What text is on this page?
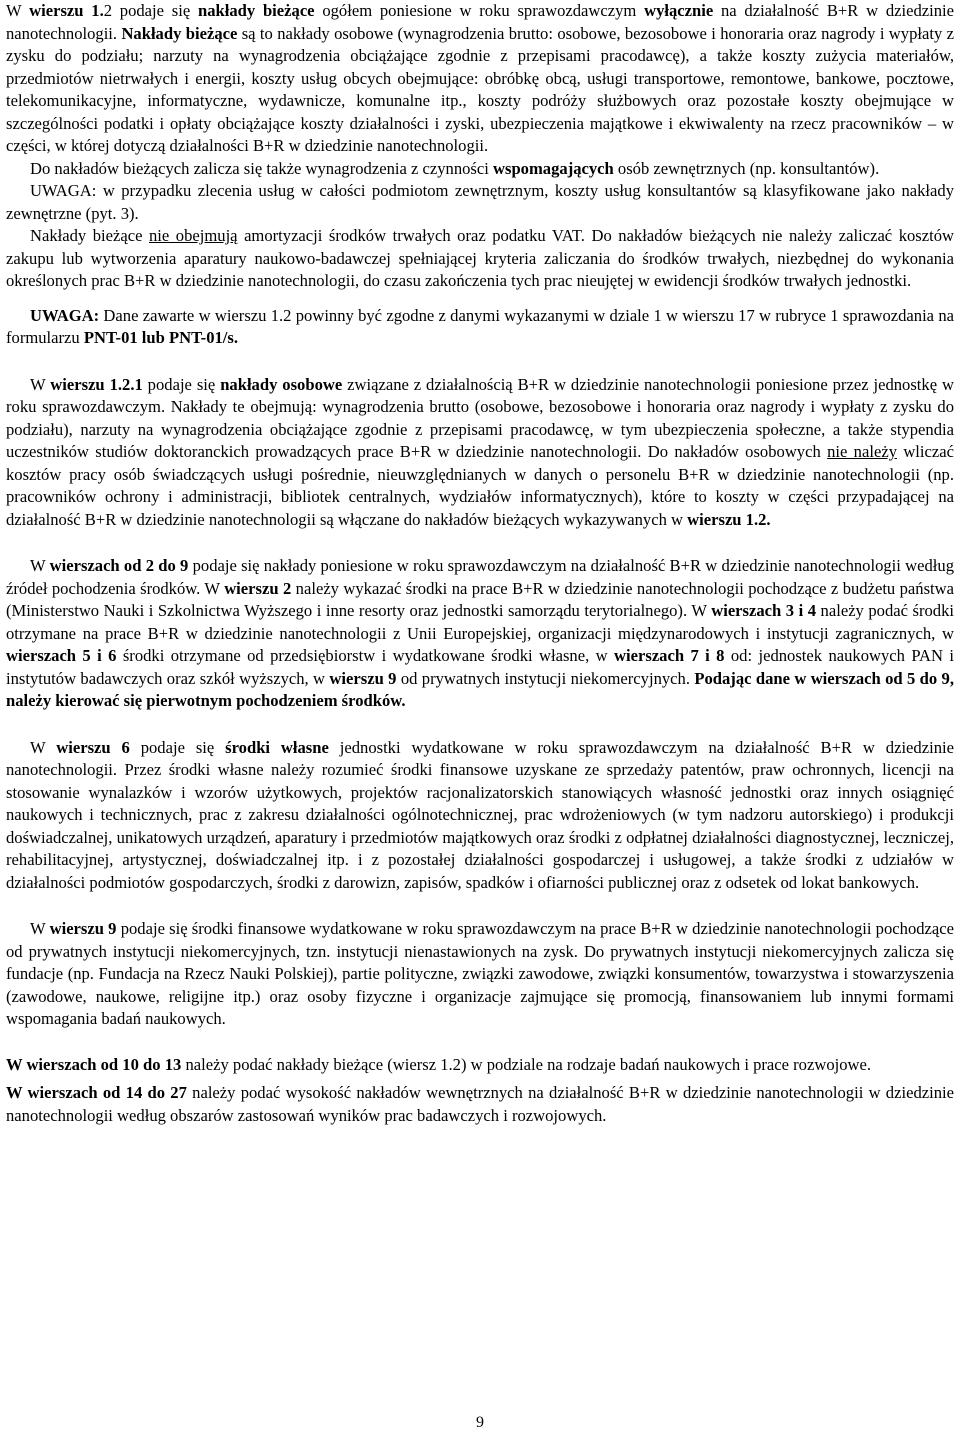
W wierszu 1.2 podaje się nakłady bieżące ogółem poniesione w roku sprawozdawczym wyłącznie na działalność B+R w dziedzinie nanotechnologii. Nakłady bieżące są to nakłady osobowe (wynagrodzenia brutto: osobowe, bezosobowe i honoraria oraz nagrody i wypłaty z zysku do podziału; narzuty na wynagrodzenia obciążające zgodnie z przepisami pracodawcę), a także koszty zużycia materiałów, przedmiotów nietrwałych i energii, koszty usług obcych obejmujące: obróbkę obcą, usługi transportowe, remontowe, bankowe, pocztowe, telekomunikacyjne, informatyczne, wydawnicze, komunalne itp., koszty podróży służbowych oraz pozostałe koszty obejmujące w szczególności podatki i opłaty obciążające koszty działalności i zyski, ubezpieczenia majątkowe i ekwiwalenty na rzecz pracowników – w części, w której dotyczą działalności B+R w dziedzinie nanotechnologii.

Do nakładów bieżących zalicza się także wynagrodzenia z czynności wspomagających osób zewnętrznych (np. konsultantów).

UWAGA: w przypadku zlecenia usług w całości podmiotom zewnętrznym, koszty usług konsultantów są klasyfikowane jako nakłady zewnętrzne (pyt. 3).

Nakłady bieżące nie obejmują amortyzacji środków trwałych oraz podatku VAT. Do nakładów bieżących nie należy zaliczać kosztów zakupu lub wytworzenia aparatury naukowo-badawczej spełniającej kryteria zaliczania do środków trwałych, niezbędnej do wykonania określonych prac B+R w dziedzinie nanotechnologii, do czasu zakończenia tych prac nieujętej w ewidencji środków trwałych jednostki.

UWAGA: Dane zawarte w wierszu 1.2 powinny być zgodne z danymi wykazanymi w dziale 1 w wierszu 17 w rubryce 1 sprawozdania na formularzu PNT-01 lub PNT-01/s.

W wierszu 1.2.1 podaje się nakłady osobowe związane z działalnością B+R w dziedzinie nanotechnologii poniesione przez jednostkę w roku sprawozdawczym. Nakłady te obejmują: wynagrodzenia brutto (osobowe, bezosobowe i honoraria oraz nagrody i wypłaty z zysku do podziału), narzuty na wynagrodzenia obciążające zgodnie z przepisami pracodawcę, w tym ubezpieczenia społeczne, a także stypendia uczestników studiów doktoranckich prowadzących prace B+R w dziedzinie nanotechnologii. Do nakładów osobowych nie należy wliczać kosztów pracy osób świadczących usługi pośrednie, nieuwzględnianych w danych o personelu B+R w dziedzinie nanotechnologii (np. pracowników ochrony i administracji, bibliotek centralnych, wydziałów informatycznych), które to koszty w części przypadającej na działalność B+R w dziedzinie nanotechnologii są włączane do nakładów bieżących wykazywanych w wierszu 1.2.

W wierszach od 2 do 9 podaje się nakłady poniesione w roku sprawozdawczym na działalność B+R w dziedzinie nanotechnologii według źródeł pochodzenia środków. W wierszu 2 należy wykazać środki na prace B+R w dziedzinie nanotechnologii pochodzące z budżetu państwa (Ministerstwo Nauki i Szkolnictwa Wyższego i inne resorty oraz jednostki samorządu terytorialnego). W wierszach 3 i 4 należy podać środki otrzymane na prace B+R w dziedzinie nanotechnologii z Unii Europejskiej, organizacji międzynarodowych i instytucji zagranicznych, w wierszach 5 i 6 środki otrzymane od przedsiębiorstw i wydatkowane środki własne, w wierszach 7 i 8 od: jednostek naukowych PAN i instytutów badawczych oraz szkół wyższych, w wierszu 9 od prywatnych instytucji niekomercyjnych. Podając dane w wierszach od 5 do 9, należy kierować się pierwotnym pochodzeniem środków.

W wierszu 6 podaje się środki własne jednostki wydatkowane w roku sprawozdawczym na działalność B+R w dziedzinie nanotechnologii. Przez środki własne należy rozumieć środki finansowe uzyskane ze sprzedaży patentów, praw ochronnych, licencji na stosowanie wynalazków i wzorów użytkowych, projektów racjonalizatorskich stanowiących własność jednostki oraz innych osiągnięć naukowych i technicznych, prac z zakresu działalności ogólnotechnicznej, prac wdrożeniowych (w tym nadzoru autorskiego) i produkcji doświadczalnej, unikatowych urządzeń, aparatury i przedmiotów majątkowych oraz środki z odpłatnej działalności diagnostycznej, leczniczej, rehabilitacyjnej, artystycznej, doświadczalnej itp. i z pozostałej działalności gospodarczej i usługowej, a także środki z udziałów w działalności podmiotów gospodarczych, środki z darowizn, zapisów, spadków i ofiarności publicznej oraz z odsetek od lokat bankowych.

W wierszu 9 podaje się środki finansowe wydatkowane w roku sprawozdawczym na prace B+R w dziedzinie nanotechnologii pochodzące od prywatnych instytucji niekomercyjnych, tzn. instytucji nienastawionych na zysk. Do prywatnych instytucji niekomercyjnych zalicza się fundacje (np. Fundacja na Rzecz Nauki Polskiej), partie polityczne, związki zawodowe, związki konsumentów, towarzystwa i stowarzyszenia (zawodowe, naukowe, religijne itp.) oraz osoby fizyczne i organizacje zajmujące się promocją, finansowaniem lub innymi formami wspomagania badań naukowych.

W wierszach od 10 do 13 należy podać nakłady bieżące (wiersz 1.2) w podziale na rodzaje badań naukowych i prace rozwojowe.

W wierszach od 14 do 27 należy podać wysokość nakładów wewnętrznych na działalność B+R w dziedzinie nanotechnologii w dziedzinie nanotechnologii według obszarów zastosowań wyników prac badawczych i rozwojowych.

9
